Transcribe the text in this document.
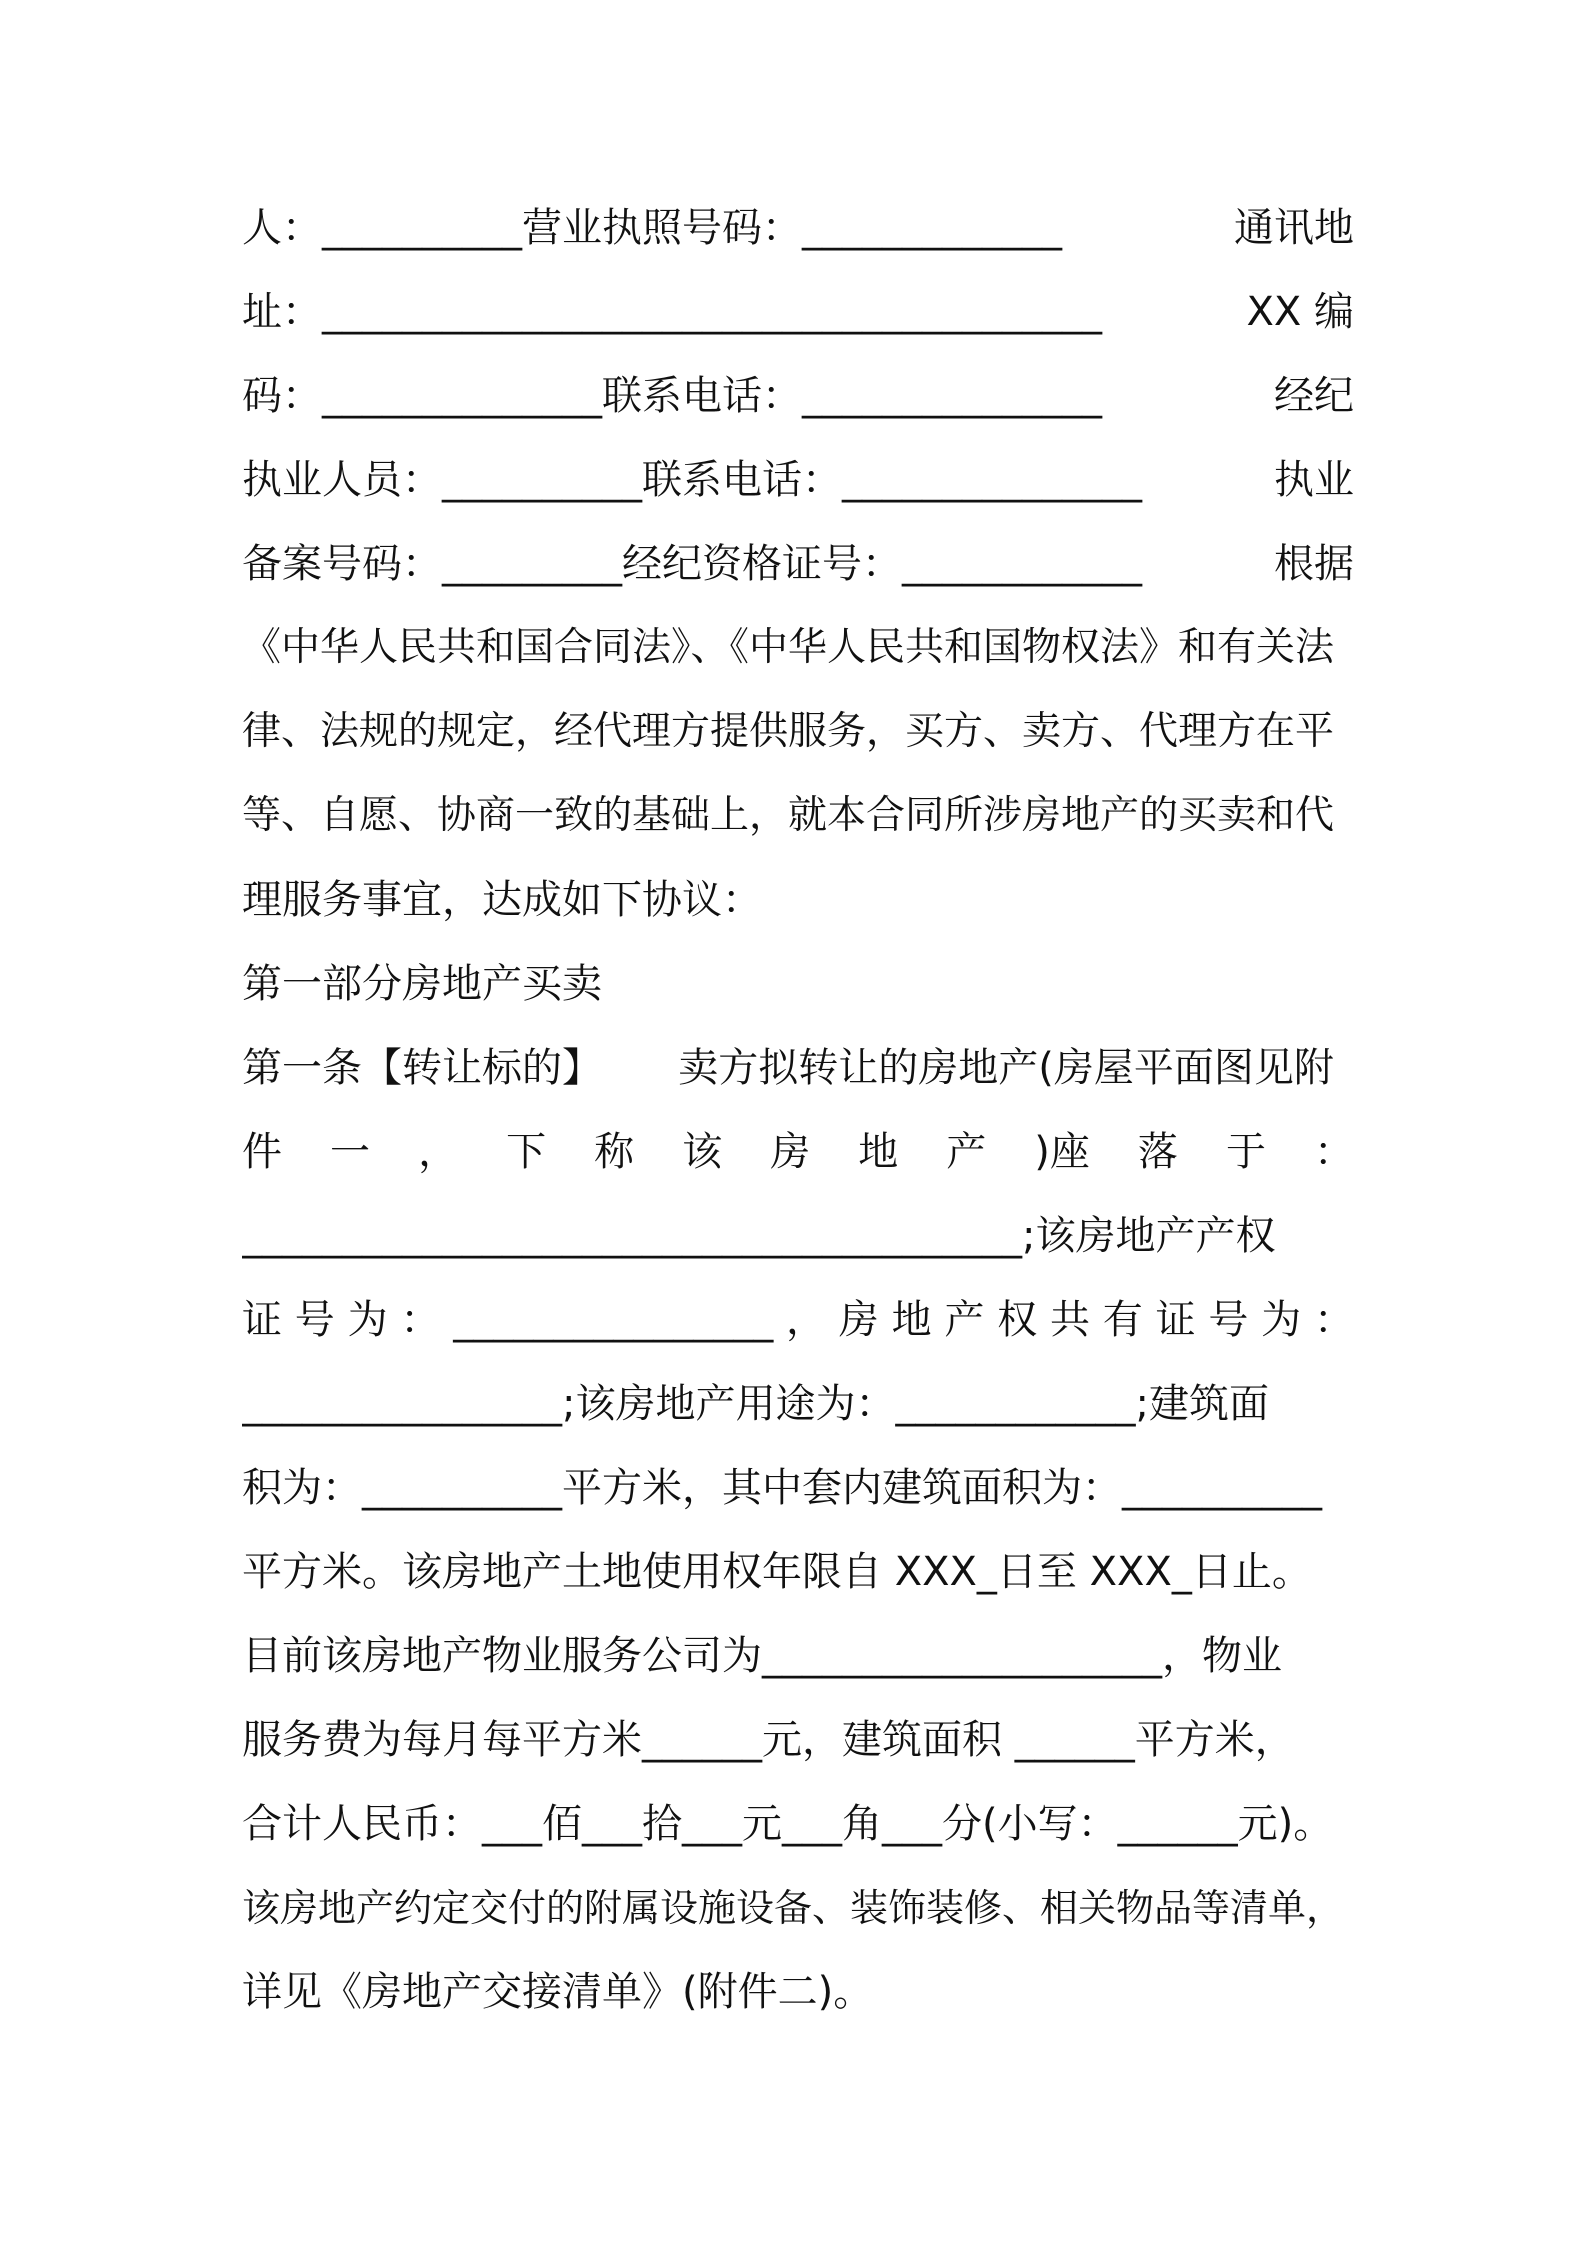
人：__________营业执照号码：_____________	通讯地
址：_______________________________________	XX 编
码：______________联系电话：_______________	经纪
执业人员：__________联系电话：_______________	执业
备案号码：_________经纪资格证号：____________	根据
《中华人民共和国合同法》、《中华人民共和国物权法》和有关法
律、法规的规定，经代理方提供服务，买方、卖方、代理方在平
等、自愿、协商一致的基础上，就本合同所涉房地产的买卖和代
理服务事宜，达成如下协议：
第一部分房地产买卖
第一条【转让标的】      卖方拟转让的房地产(房屋平面图见附
件 一 ， 下 称 该 房 地 产 )座 落 于 ：
_______________________________________;该房地产产权
证 号 为 ： ________________ ， 房 地 产 权 共 有 证 号 为 ：
________________;该房地产用途为：____________;建筑面
积为：__________平方米，其中套内建筑面积为：__________
平方米。该房地产土地使用权年限自 XXX_日至 XXX_日止。
目前该房地产物业服务公司为____________________，物业
服务费为每月每平方米______元，建筑面积 ______平方米，
合计人民币：___佰___拾___元___角___分(小写：______元)。
该房地产约定交付的附属设施设备、装饰装修、相关物品等清单，
详见《房地产交接清单》(附件二)。
